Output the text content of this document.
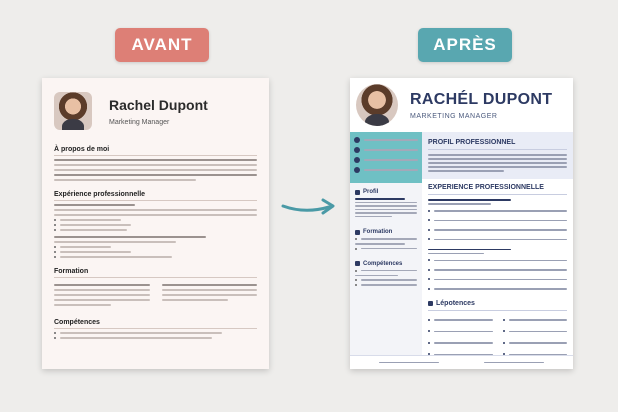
AVANT	APRÈS
Rachel Dupont
Marketing Manager
À propos de moi
Expérience professionnelle
Formation
Compétences
RACHÉL DUPONT
MARKETING MANAGER
Profil
Formation
Compétences
PROFIL PROFESSIONNEL
EXPERIENCE PROFESSIONNELLE
Lépotences
